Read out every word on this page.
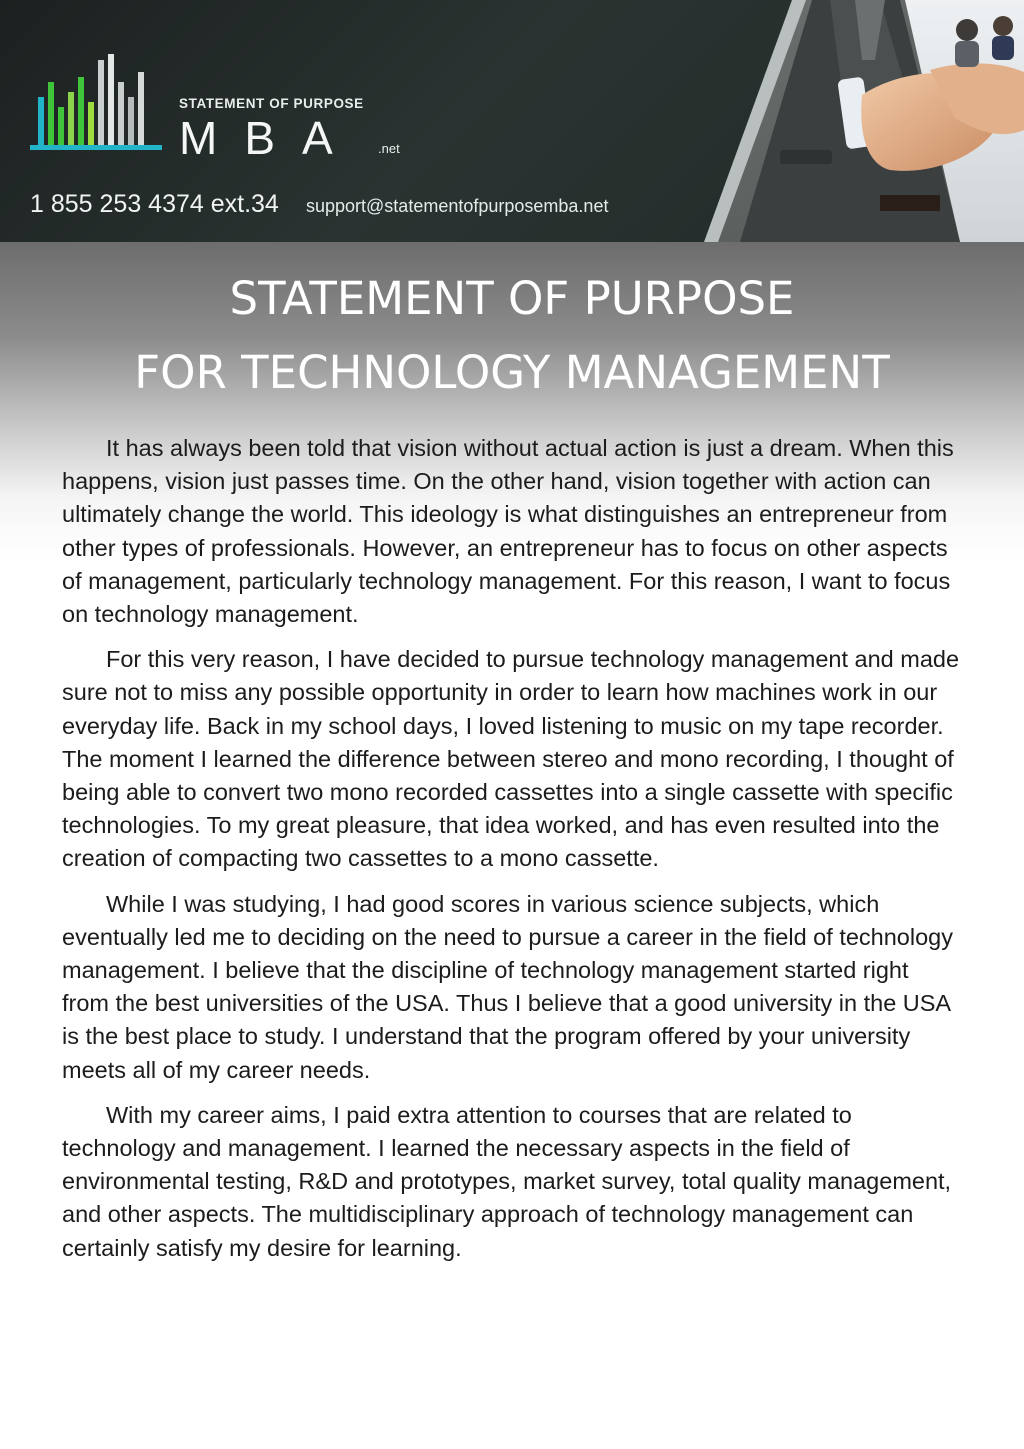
STATEMENT OF PURPOSE
MBA .net
1 855 253 4374 ext.34 support@statementofpurposemba.net
STATEMENT OF PURPOSE
FOR TECHNOLOGY MANAGEMENT

It has always been told that vision without actual action is just a dream. When this happens, vision just passes time. On the other hand, vision together with action can ultimately change the world. This ideology is what distinguishes an entrepreneur from other types of professionals. However, an entrepreneur has to focus on other aspects of management, particularly technology management. For this reason, I want to focus on technology management.

For this very reason, I have decided to pursue technology management and made sure not to miss any possible opportunity in order to learn how machines work in our everyday life. Back in my school days, I loved listening to music on my tape recorder. The moment I learned the difference between stereo and mono recording, I thought of being able to convert two mono recorded cassettes into a single cassette with specific technologies. To my great pleasure, that idea worked, and has even resulted into the creation of compacting two cassettes to a mono cassette.

While I was studying, I had good scores in various science subjects, which eventually led me to deciding on the need to pursue a career in the field of technology management. I believe that the discipline of technology management started right from the best universities of the USA. Thus I believe that a good university in the USA is the best place to study. I understand that the program offered by your university meets all of my career needs.

With my career aims, I paid extra attention to courses that are related to technology and management. I learned the necessary aspects in the field of environmental testing, R&D and prototypes, market survey, total quality management, and other aspects. The multidisciplinary approach of technology management can certainly satisfy my desire for learning.
